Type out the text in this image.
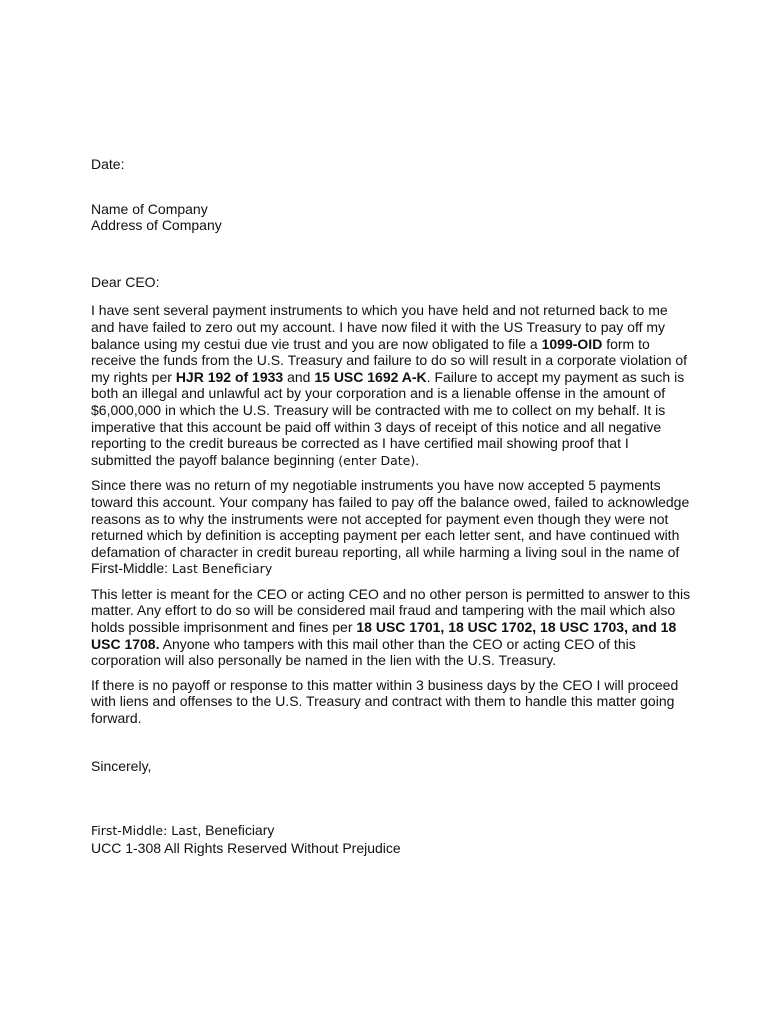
Date:
Name of Company
Address of Company
Dear CEO:

I have sent several payment instruments to which you have held and not returned back to me and have failed to zero out my account. I have now filed it with the US Treasury to pay off my balance using my cestui due vie trust and you are now obligated to file a 1099-OID form to receive the funds from the U.S. Treasury and failure to do so will result in a corporate violation of my rights per HJR 192 of 1933 and 15 USC 1692 A-K. Failure to accept my payment as such is both an illegal and unlawful act by your corporation and is a lienable offense in the amount of $6,000,000 in which the U.S. Treasury will be contracted with me to collect on my behalf. It is imperative that this account be paid off within 3 days of receipt of this notice and all negative reporting to the credit bureaus be corrected as I have certified mail showing proof that I submitted the payoff balance beginning (enter Date).

Since there was no return of my negotiable instruments you have now accepted 5 payments toward this account. Your company has failed to pay off the balance owed, failed to acknowledge reasons as to why the instruments were not accepted for payment even though they were not returned which by definition is accepting payment per each letter sent, and have continued with defamation of character in credit bureau reporting, all while harming a living soul in the name of First-Middle: Last Beneficiary

This letter is meant for the CEO or acting CEO and no other person is permitted to answer to this matter. Any effort to do so will be considered mail fraud and tampering with the mail which also holds possible imprisonment and fines per 18 USC 1701, 18 USC 1702, 18 USC 1703, and 18 USC 1708. Anyone who tampers with this mail other than the CEO or acting CEO of this corporation will also personally be named in the lien with the U.S. Treasury.

If there is no payoff or response to this matter within 3 business days by the CEO I will proceed with liens and offenses to the U.S. Treasury and contract with them to handle this matter going forward.

Sincerely,
First-Middle: Last, Beneficiary
UCC 1-308 All Rights Reserved Without Prejudice
